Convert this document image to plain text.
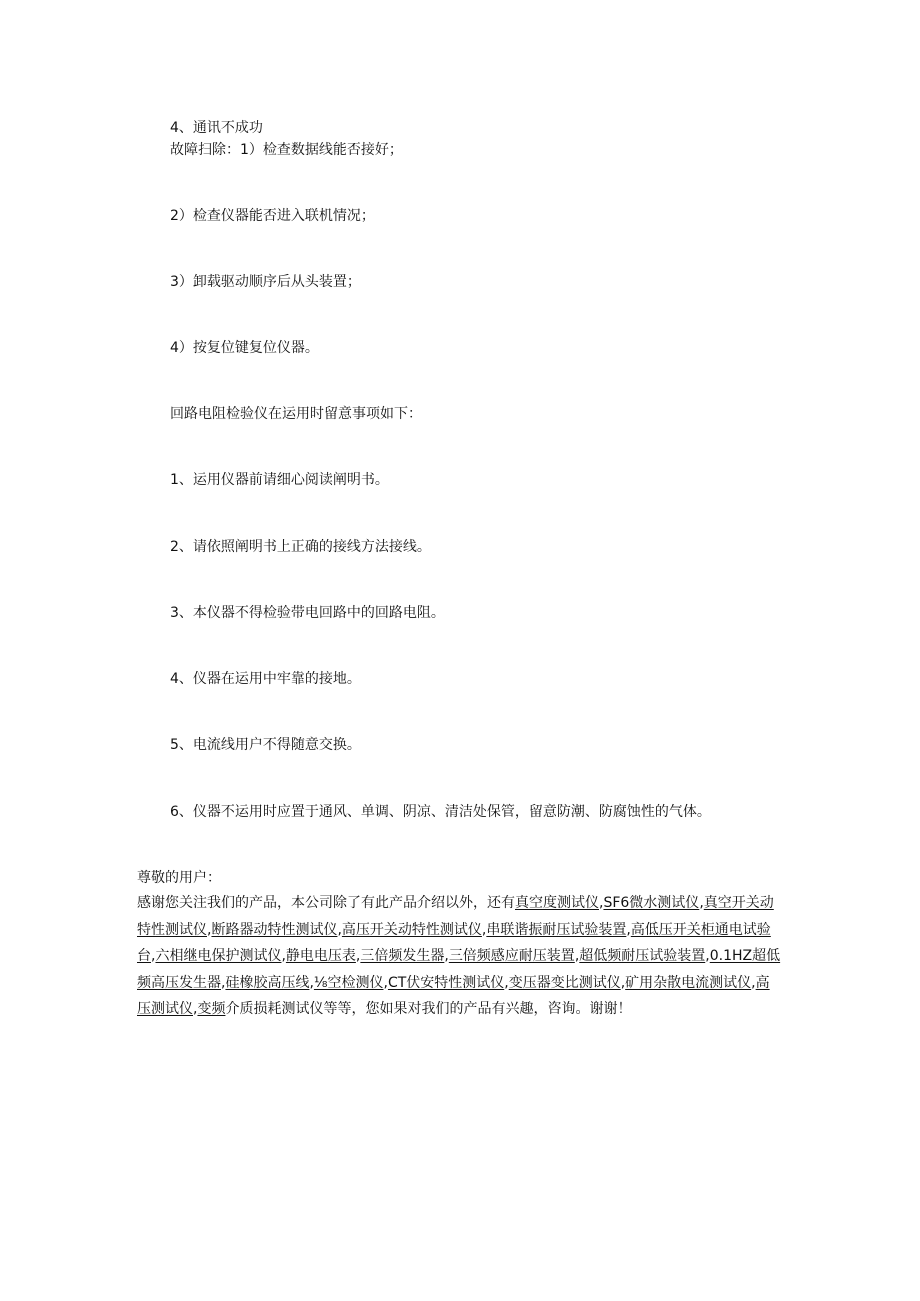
4、通讯不成功
故障扫除：1）检查数据线能否接好；
2）检查仪器能否进入联机情况；
3）卸载驱动顺序后从头装置；
4）按复位键复位仪器。
回路电阻检验仪在运用时留意事项如下：
1、运用仪器前请细心阅读阐明书。
2、请依照阐明书上正确的接线方法接线。
3、本仪器不得检验带电回路中的回路电阻。
4、仪器在运用中牢靠的接地。
5、电流线用户不得随意交换。
6、仪器不运用时应置于通风、单调、阴凉、清洁处保管，留意防潮、防腐蚀性的气体。
尊敬的用户：
感谢您关注我们的产品，本公司除了有此产品介绍以外，还有真空度测试仪,SF6微水测试仪,真空开关动特性测试仪,断路器动特性测试仪,高压开关动特性测试仪,串联谐振耐压试验装置,高低压开关柜通电试验台,六相继电保护测试仪,静电电压表,三倍频发生器,三倍频感应耐压装置,超低频耐压试验装置,0.1HZ超低频高压发生器,硅橡胶高压线,⅛空检测仪,CT伏安特性测试仪,变压器变比测试仪,矿用杂散电流测试仪,高压测试仪,变频介质损耗测试仪等等，您如果对我们的产品有兴趣，咨询。谢谢！
